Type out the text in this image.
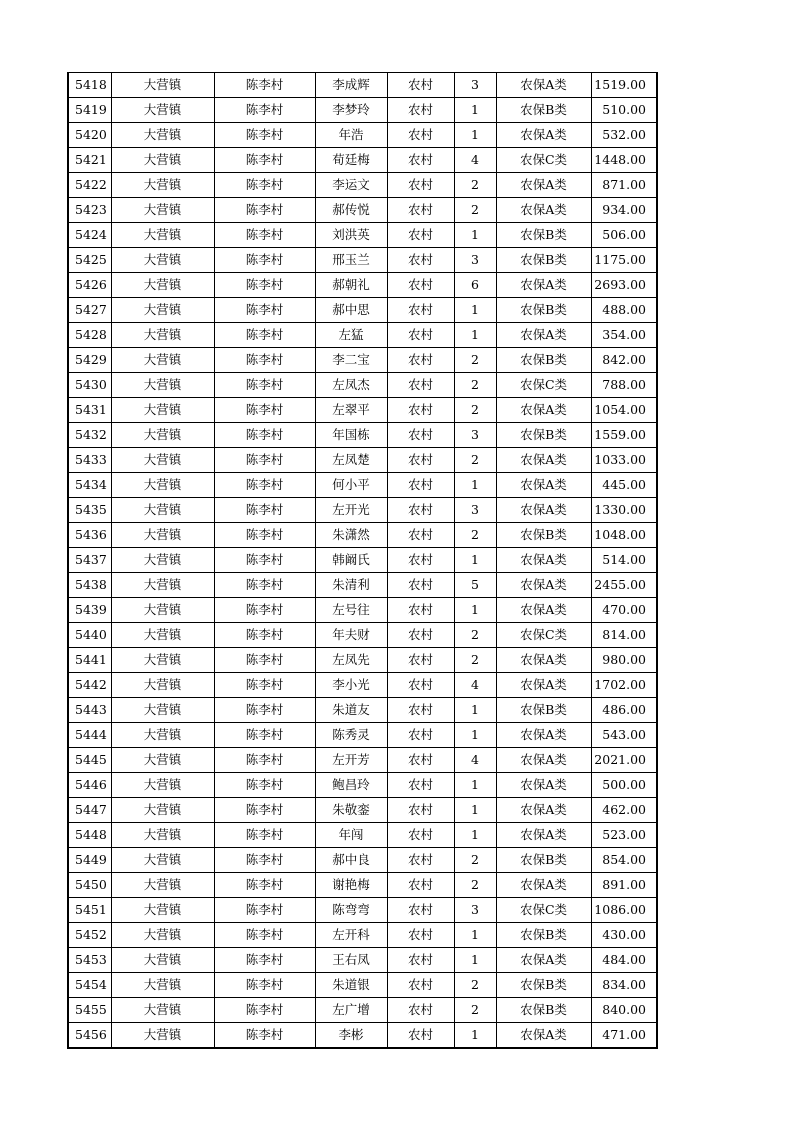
5418	大营镇	陈李村	李成辉	农村	3	农保A类	1519.00
5419	大营镇	陈李村	李梦玲	农村	1	农保B类	510.00
5420	大营镇	陈李村	年浩	农村	1	农保A类	532.00
5421	大营镇	陈李村	荀廷梅	农村	4	农保C类	1448.00
5422	大营镇	陈李村	李运文	农村	2	农保A类	871.00
5423	大营镇	陈李村	郝传悦	农村	2	农保A类	934.00
5424	大营镇	陈李村	刘洪英	农村	1	农保B类	506.00
5425	大营镇	陈李村	邢玉兰	农村	3	农保B类	1175.00
5426	大营镇	陈李村	郝朝礼	农村	6	农保A类	2693.00
5427	大营镇	陈李村	郝中思	农村	1	农保B类	488.00
5428	大营镇	陈李村	左猛	农村	1	农保A类	354.00
5429	大营镇	陈李村	李二宝	农村	2	农保B类	842.00
5430	大营镇	陈李村	左凤杰	农村	2	农保C类	788.00
5431	大营镇	陈李村	左翠平	农村	2	农保A类	1054.00
5432	大营镇	陈李村	年国栋	农村	3	农保B类	1559.00
5433	大营镇	陈李村	左凤楚	农村	2	农保A类	1033.00
5434	大营镇	陈李村	何小平	农村	1	农保A类	445.00
5435	大营镇	陈李村	左开光	农村	3	农保A类	1330.00
5436	大营镇	陈李村	朱潇然	农村	2	农保B类	1048.00
5437	大营镇	陈李村	韩阚氏	农村	1	农保A类	514.00
5438	大营镇	陈李村	朱清利	农村	5	农保A类	2455.00
5439	大营镇	陈李村	左号往	农村	1	农保A类	470.00
5440	大营镇	陈李村	年夫财	农村	2	农保C类	814.00
5441	大营镇	陈李村	左凤先	农村	2	农保A类	980.00
5442	大营镇	陈李村	李小光	农村	4	农保A类	1702.00
5443	大营镇	陈李村	朱道友	农村	1	农保B类	486.00
5444	大营镇	陈李村	陈秀灵	农村	1	农保A类	543.00
5445	大营镇	陈李村	左开芳	农村	4	农保A类	2021.00
5446	大营镇	陈李村	鲍昌玲	农村	1	农保A类	500.00
5447	大营镇	陈李村	朱敬銮	农村	1	农保A类	462.00
5448	大营镇	陈李村	年闯	农村	1	农保A类	523.00
5449	大营镇	陈李村	郝中良	农村	2	农保B类	854.00
5450	大营镇	陈李村	谢艳梅	农村	2	农保A类	891.00
5451	大营镇	陈李村	陈弯弯	农村	3	农保C类	1086.00
5452	大营镇	陈李村	左开科	农村	1	农保B类	430.00
5453	大营镇	陈李村	王右凤	农村	1	农保A类	484.00
5454	大营镇	陈李村	朱道银	农村	2	农保B类	834.00
5455	大营镇	陈李村	左广增	农村	2	农保B类	840.00
5456	大营镇	陈李村	李彬	农村	1	农保A类	471.00
